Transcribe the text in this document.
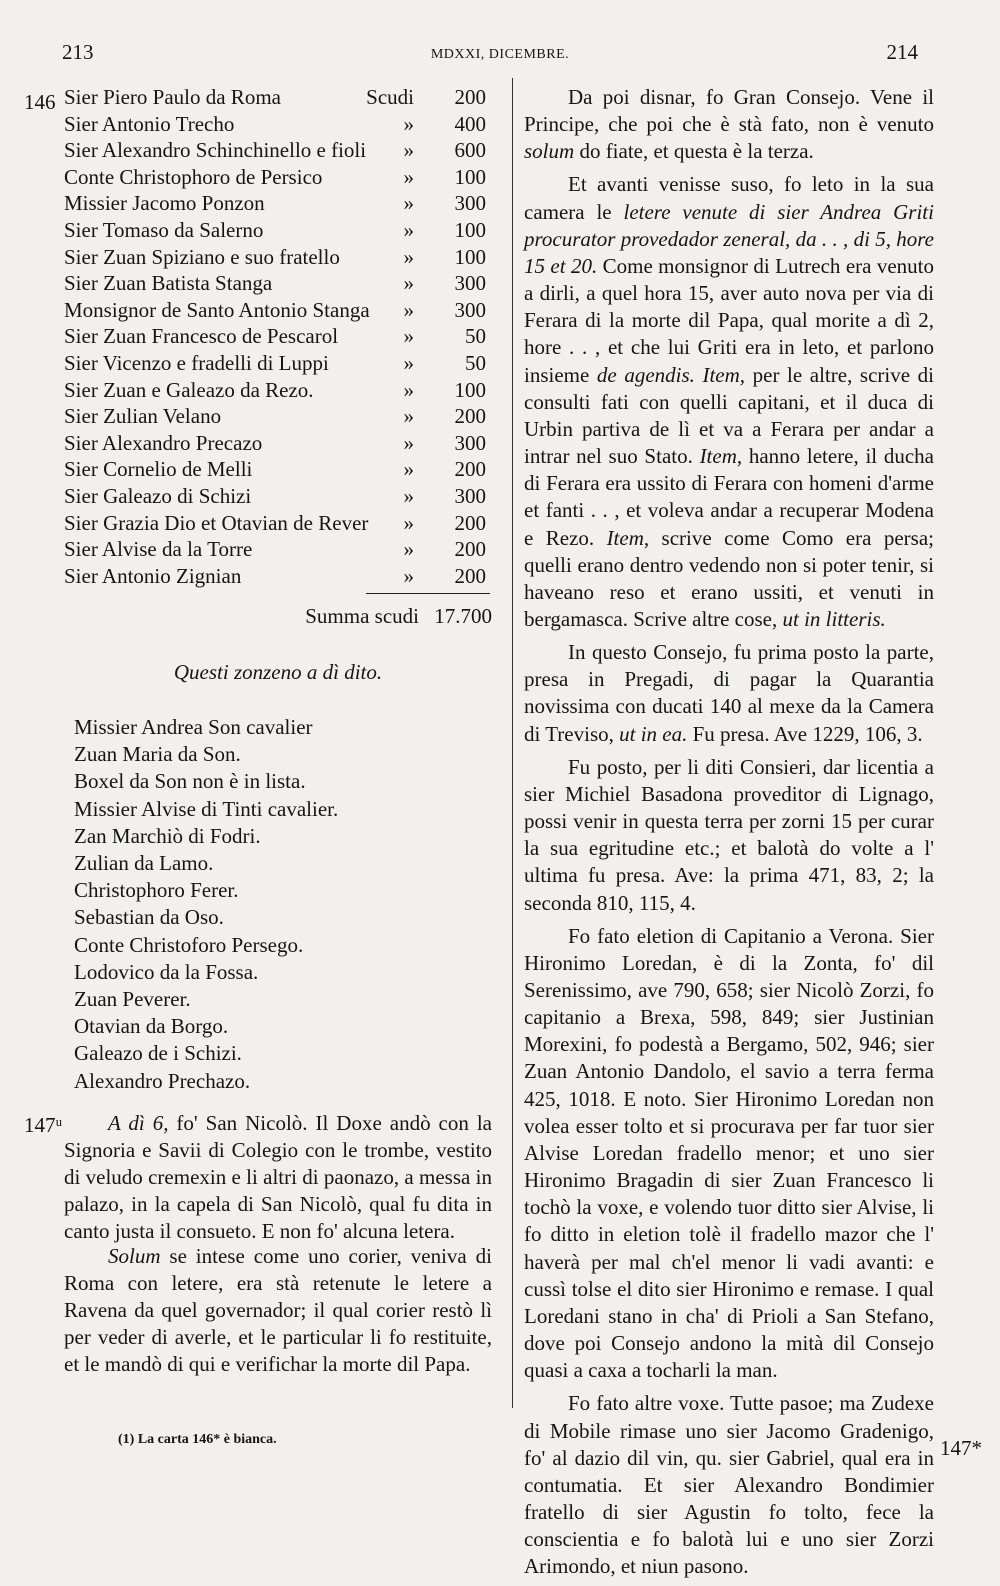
213	MDXXI, DICEMBRE.	214
146
147ᵘ
147*
Sier Piero Paulo da Roma	Scudi	200
Sier Antonio Trecho	»	400
Sier Alexandro Schinchinello e fioli »	600
Conte Christophoro de Persico	»	100
Missier Jacomo Ponzon	»	300
Sier Tomaso da Salerno	»	100
Sier Zuan Spiziano e suo fratello	»	100
Sier Zuan Batista Stanga	»	300
Monsignor de Santo Antonio Stanga »	300
Sier Zuan Francesco de Pescarol	»	50
Sier Vicenzo e fradelli di Luppi	»	50
Sier Zuan e Galeazo da Rezo.	»	100
Sier Zulian Velano	»	200
Sier Alexandro Precazo	»	300
Sier Cornelio de Melli	»	200
Sier Galeazo di Schizi	»	300
Sier Grazia Dio et Otavian de Rever »	200
Sier Alvise da la Torre	»	200
Sier Antonio Zignian	»	200
Summa scudi 17.700
Questi zonzeno a dì dito.
Missier Andrea Son cavalier
Zuan Maria da Son.
Boxel da Son non è in lista.
Missier Alvise di Tinti cavalier.
Zan Marchiò di Fodri.
Zulian da Lamo.
Christophoro Ferer.
Sebastian da Oso.
Conte Christoforo Persego.
Lodovico da la Fossa.
Zuan Peverer.
Otavian da Borgo.
Galeazo de i Schizi.
Alexandro Prechazo.

A dì 6, fo' San Nicolò. Il Doxe andò con la Signoria e Savii di Colegio con le trombe, vestito di veludo cremexin e li altri di paonazo, a messa in palazo, in la capela di San Nicolò, qual fu dita in canto justa il consueto. E non fo' alcuna letera.

Solum se intese come uno corier, veniva di Roma con letere, era stà retenute le letere a Ravena da quel governador; il qual corier restò lì per veder di averle, et le particular li fo restituite, et le mandò di qui e verifichar la morte dil Papa.

(1) La carta 146* è bianca.

Da poi disnar, fo Gran Consejo. Vene il Principe, che poi che è stà fato, non è venuto solum do fiate, et questa è la terza.

Et avanti venisse suso, fo leto in la sua camera le letere venute di sier Andrea Griti procurator provedador zeneral, da . . , di 5, hore 15 et 20. Come monsignor di Lutrech era venuto a dirli, a quel hora 15, aver auto nova per via di Ferara di la morte dil Papa, qual morite a dì 2, hore . . , et che lui Griti era in leto, et parlono insieme de agendis. Item, per le altre, scrive di consulti fati con quelli capitani, et il duca di Urbin partiva de lì et va a Ferara per andar a intrar nel suo Stato. Item, hanno letere, il ducha di Ferara era ussito di Ferara con homeni d'arme et fanti . . , et voleva andar a recuperar Modena e Rezo. Item, scrive come Como era persa; quelli erano dentro vedendo non si poter tenir, si haveano reso et erano ussiti, et venuti in bergamasca. Scrive altre cose, ut in litteris.

In questo Consejo, fu prima posto la parte, presa in Pregadi, di pagar la Quarantia novissima con ducati 140 al mexe da la Camera di Treviso, ut in ea. Fu presa. Ave 1229, 106, 3.

Fu posto, per li diti Consieri, dar licentia a sier Michiel Basadona proveditor di Lignago, possi venir in questa terra per zorni 15 per curar la sua egritudine etc.; et balotà do volte a l' ultima fu presa. Ave: la prima 471, 83, 2; la seconda 810, 115, 4.

Fo fato eletion di Capitanio a Verona. Sier Hironimo Loredan, è di la Zonta, fo' dil Serenissimo, ave 790, 658; sier Nicolò Zorzi, fo capitanio a Brexa, 598, 849; sier Justinian Morexini, fo podestà a Bergamo, 502, 946; sier Zuan Antonio Dandolo, el savio a terra ferma 425, 1018. E noto. Sier Hironimo Loredan non volea esser tolto et si procurava per far tuor sier Alvise Loredan fradello menor; et uno sier Hironimo Bragadin di sier Zuan Francesco li tochò la voxe, e volendo tuor ditto sier Alvise, li fo ditto in eletion tolè il fradello mazor che l' haverà per mal ch'el menor li vadi avanti: e cussì tolse el dito sier Hironimo e remase. I qual Loredani stano in cha' di Prioli a San Stefano, dove poi Consejo andono la mità dil Consejo quasi a caxa a tocharli la man.

Fo fato altre voxe. Tutte pasoe; ma Zudexe di Mobile rimase uno sier Jacomo Gradenigo, fo' al dazio dil vin, qu. sier Gabriel, qual era in contumatia. Et sier Alexandro Bondimier fratello di sier Agustin fo tolto, fece la conscientia e fo balotà lui e uno sier Zorzi Arimondo, et niun pasono.
